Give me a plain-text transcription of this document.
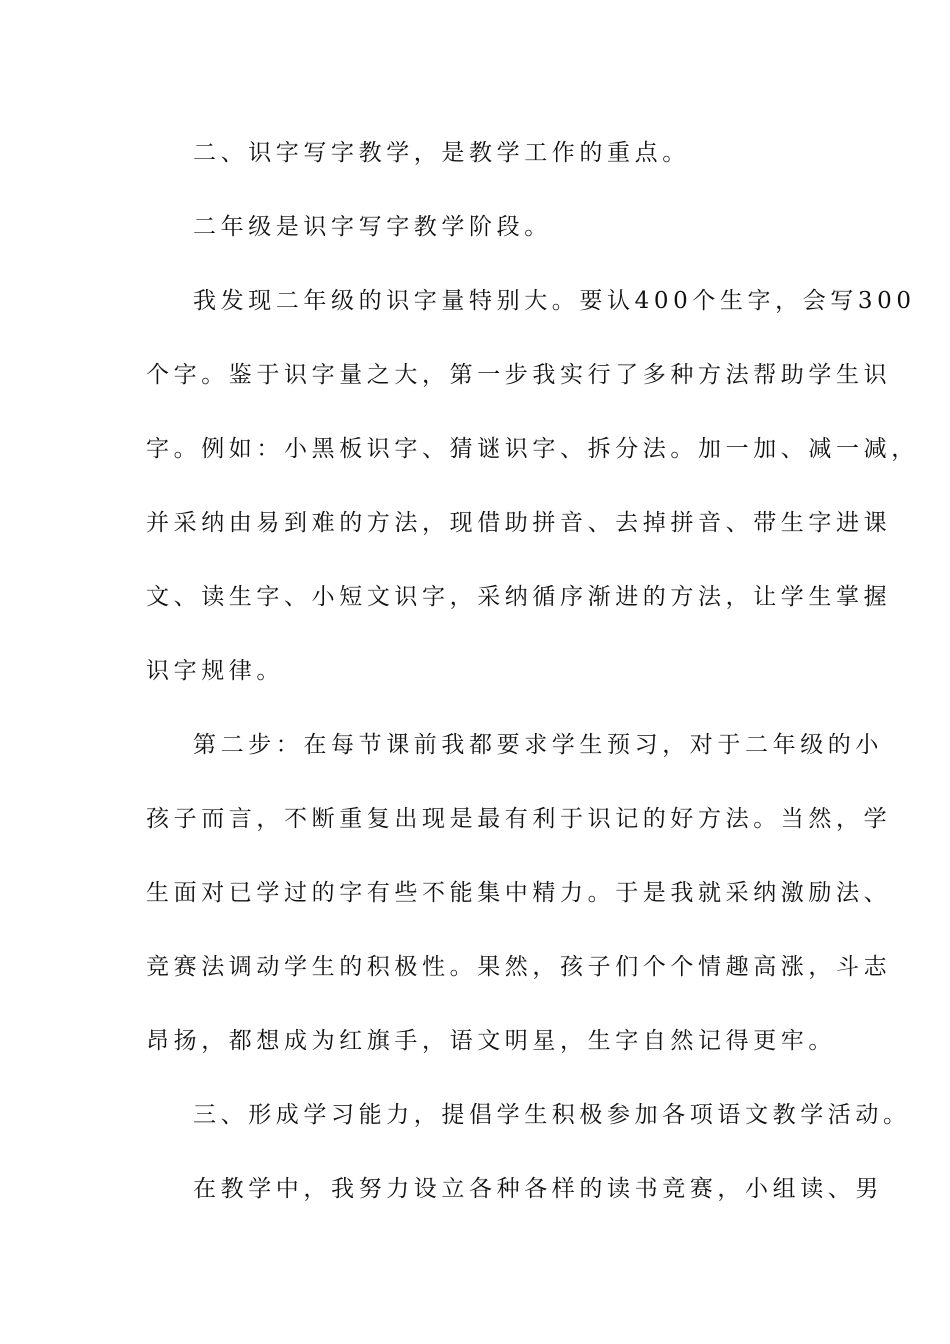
二、识字写字教学，是教学工作的重点。
二年级是识字写字教学阶段。
我发现二年级的识字量特别大。要认400个生字，会写300
个字。鉴于识字量之大，第一步我实行了多种方法帮助学生识
字。例如：小黑板识字、猜谜识字、拆分法。加一加、减一减，
并采纳由易到难的方法，现借助拼音、去掉拼音、带生字进课
文、读生字、小短文识字，采纳循序渐进的方法，让学生掌握
识字规律。
第二步：在每节课前我都要求学生预习，对于二年级的小
孩子而言，不断重复出现是最有利于识记的好方法。当然，学
生面对已学过的字有些不能集中精力。于是我就采纳激励法、
竞赛法调动学生的积极性。果然，孩子们个个情趣高涨，斗志
昂扬，都想成为红旗手，语文明星，生字自然记得更牢。
三、形成学习能力，提倡学生积极参加各项语文教学活动。
在教学中，我努力设立各种各样的读书竞赛，小组读、男
